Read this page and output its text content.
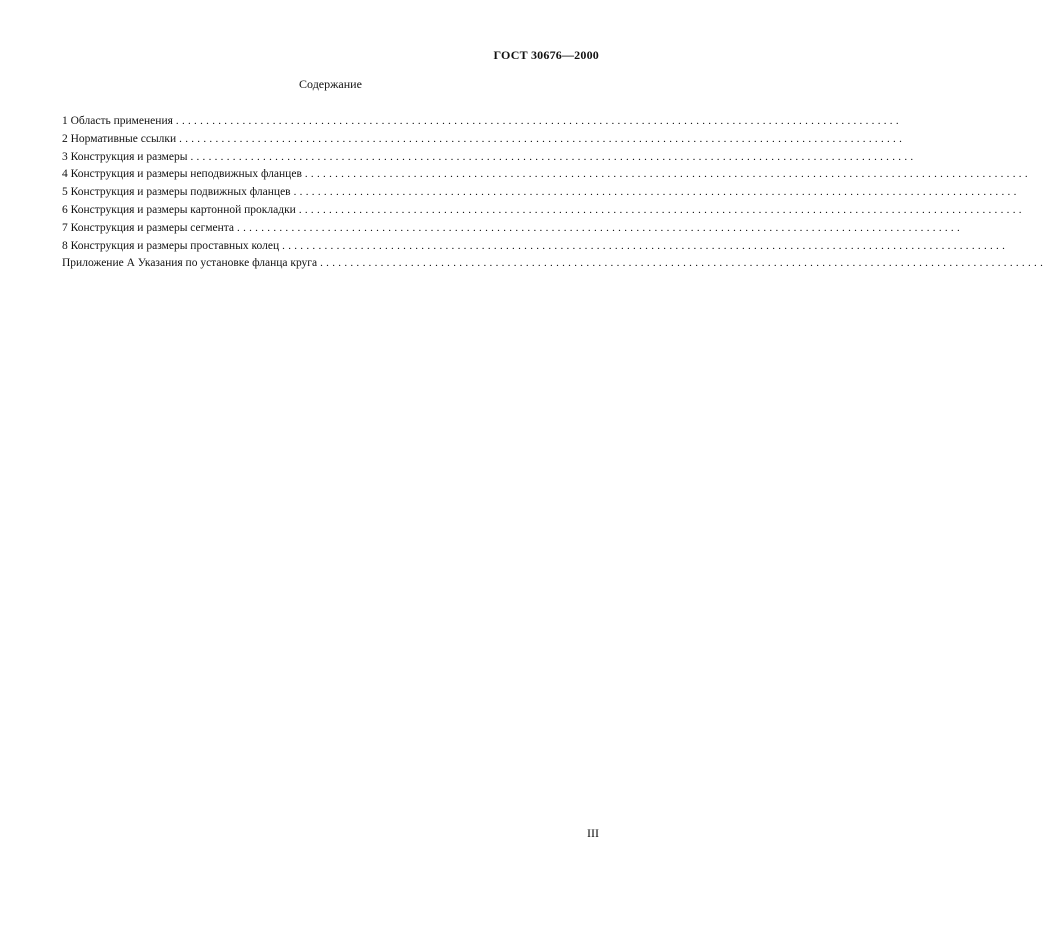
ГОСТ 30676—2000
Содержание
1 Область применения ........................................................................................................................
2 Нормативные ссылки ........................................................................................................................
3 Конструкция и размеры ........................................................................................................................
4 Конструкция и размеры неподвижных фланцев ........................................................................................................................
5 Конструкция и размеры подвижных фланцев ........................................................................................................................
6 Конструкция и размеры картонной прокладки ........................................................................................................................
7 Конструкция и размеры сегмента ........................................................................................................................
8 Конструкция и размеры проставных колец ........................................................................................................................
Приложение А Указания по установке фланца круга ........................................................................................................................
III
